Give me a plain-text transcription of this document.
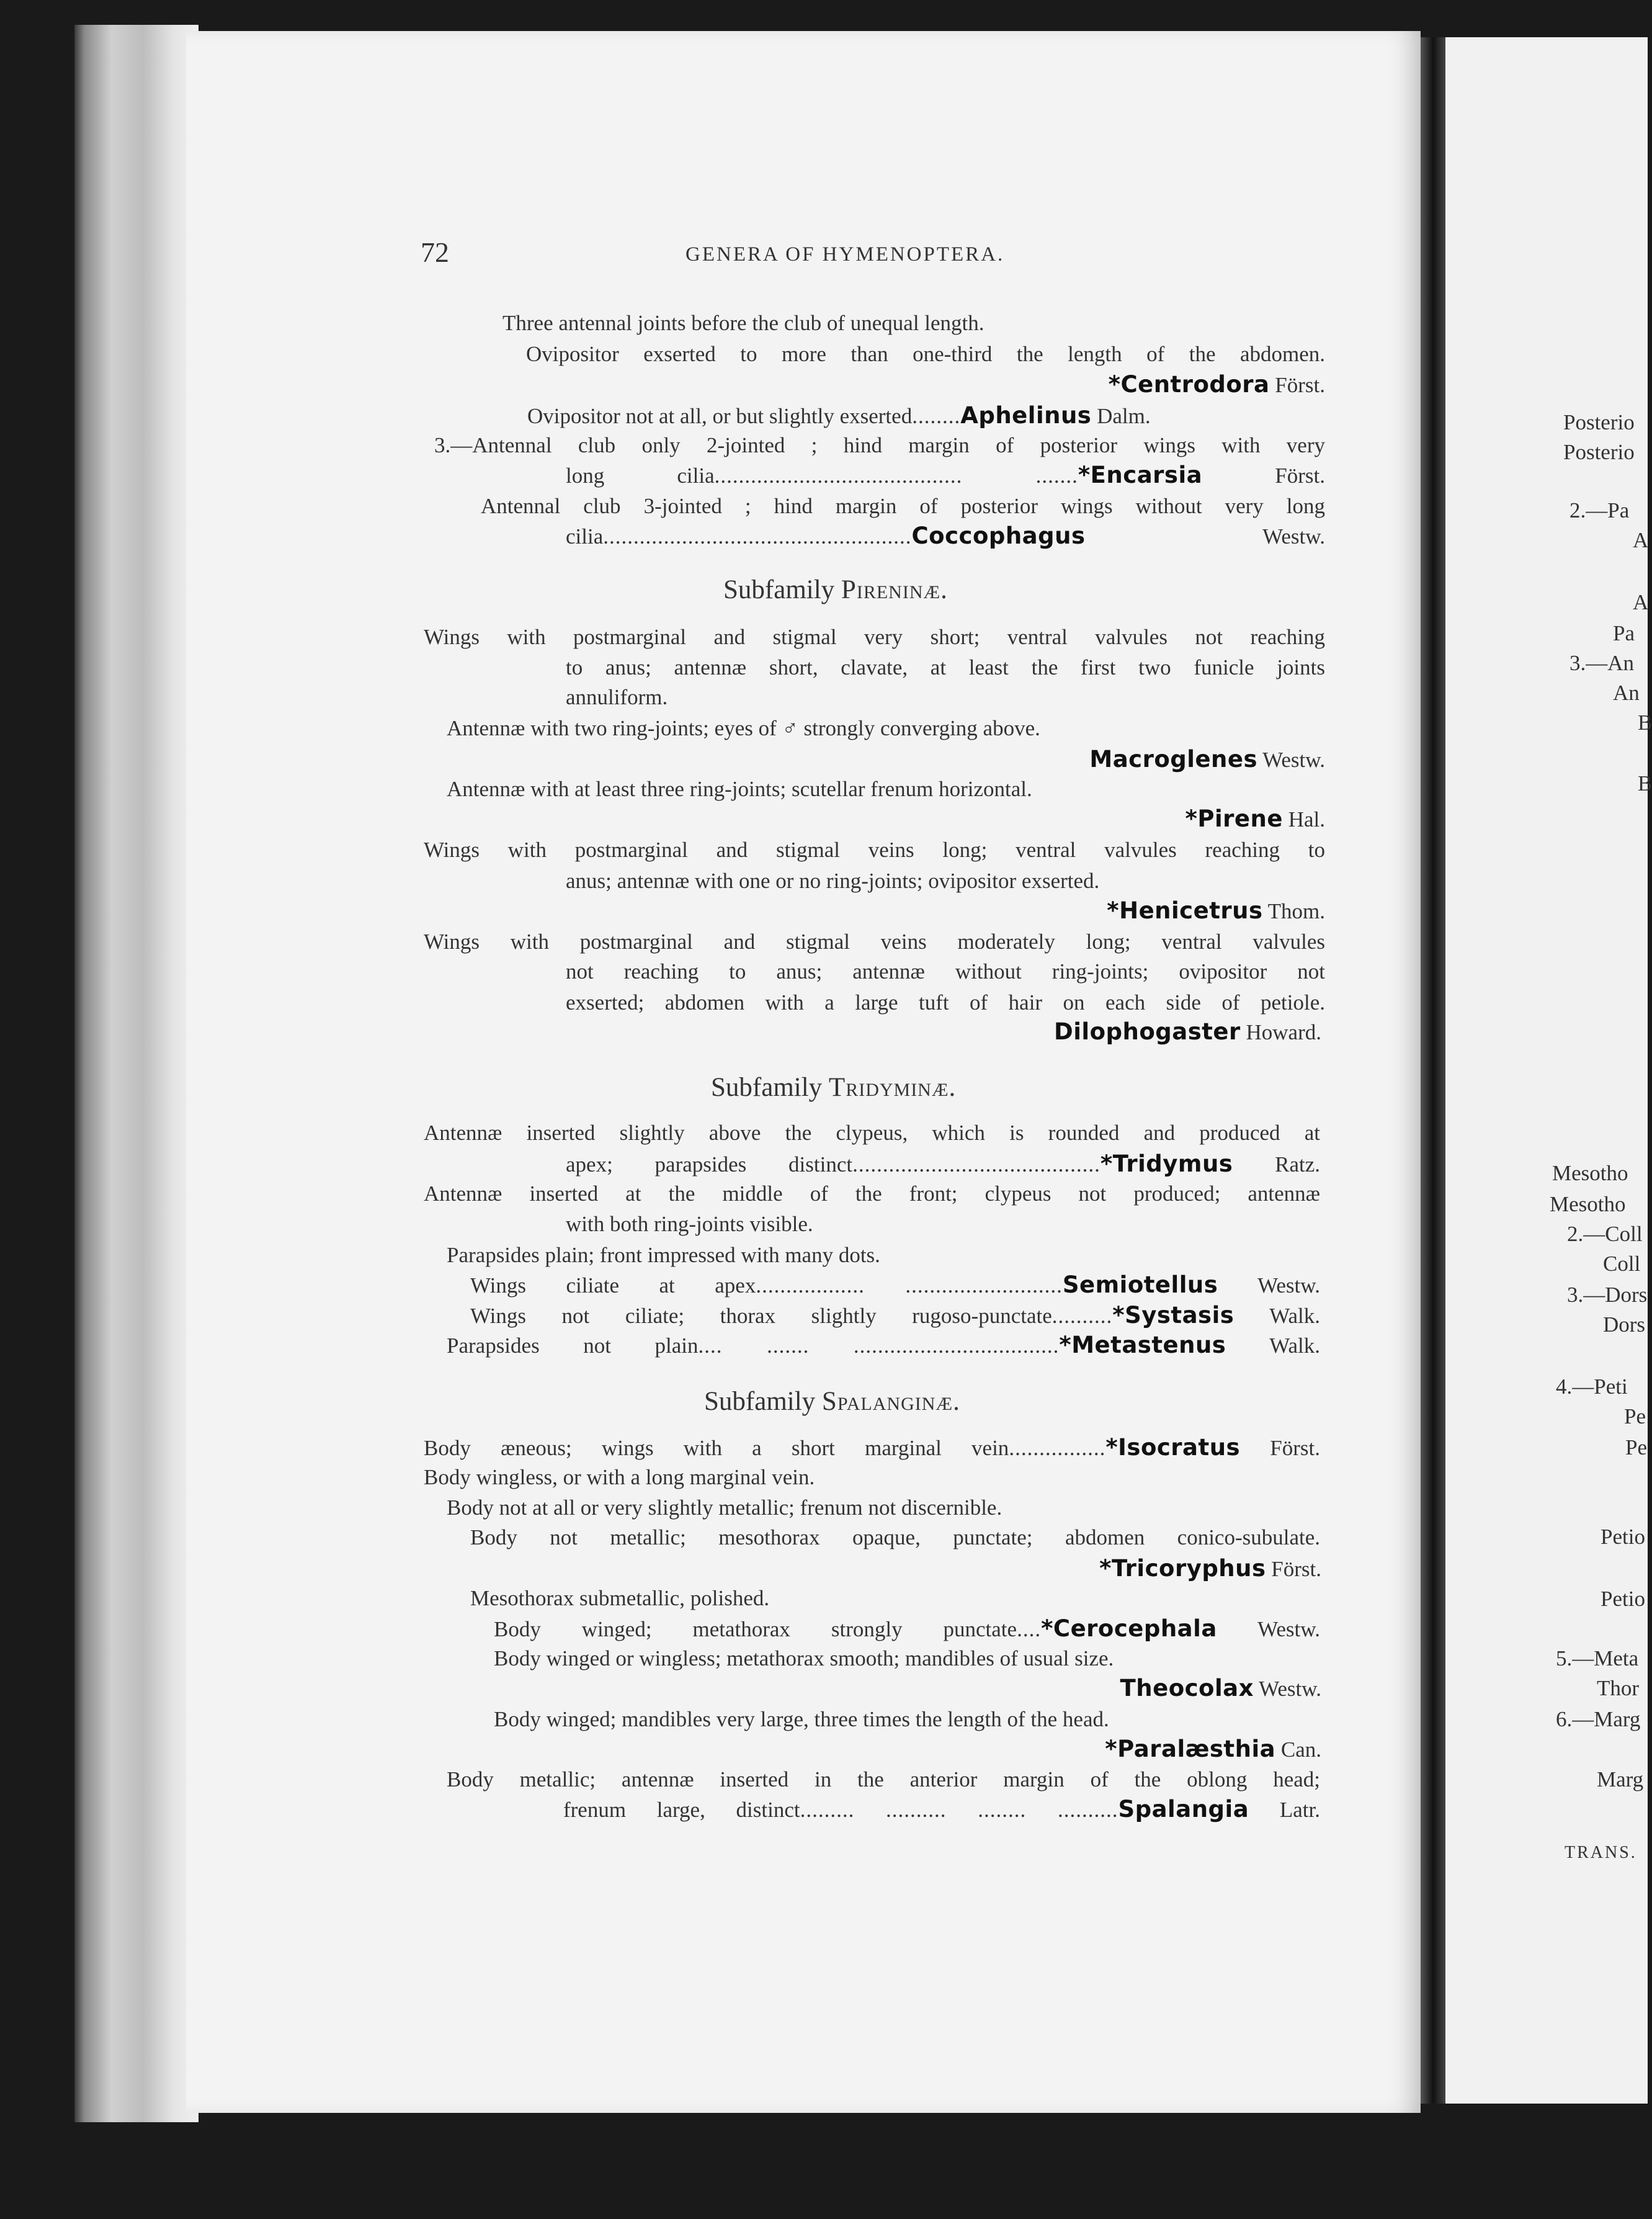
72	GENERA OF HYMENOPTERA.
Three antennal joints before the club of unequal length.
Ovipositor exserted to more than one-third the length of the abdomen.
*Centrodora Först.
Ovipositor not at all, or but slightly exserted........Aphelinus Dalm.
3.—Antennal club only 2-jointed ; hind margin of posterior wings with very
long cilia......................................... .......*Encarsia	Först.
Antennal club 3-jointed ; hind margin of posterior wings without very long
cilia...................................................Coccophagus	Westw.
Subfamily Pireninæ.
Wings with postmarginal and stigmal very short; ventral valvules not reaching
to anus; antennæ short, clavate, at least the first two funicle joints
annuliform.
Antennæ with two ring-joints; eyes of ♂ strongly converging above.
Macroglenes Westw.
Antennæ with at least three ring-joints; scutellar frenum horizontal.
*Pirene Hal.
Wings with postmarginal and stigmal veins long; ventral valvules reaching to
anus; antennæ with one or no ring-joints; ovipositor exserted.
*Henicetrus Thom.
Wings with postmarginal and stigmal veins moderately long; ventral valvules
not reaching to anus; antennæ without ring-joints; ovipositor not
exserted; abdomen with a large tuft of hair on each side of petiole.
Dilophogaster Howard.
Subfamily Tridyminæ.
Antennæ inserted slightly above the clypeus, which is rounded and produced at
apex; parapsides distinct.........................................*Tridymus Ratz.
Antennæ inserted at the middle of the front; clypeus not produced; antennæ
with both ring-joints visible.
Parapsides plain; front impressed with many dots.
Wings ciliate at apex.................. ..........................Semiotellus Westw.
Wings not ciliate; thorax slightly rugoso-punctate..........*Systasis Walk.
Parapsides not plain.... ....... ..................................*Metastenus Walk.
Subfamily Spalanginæ.
Body æneous; wings with a short marginal vein................*Isocratus Först.
Body wingless, or with a long marginal vein.
Body not at all or very slightly metallic; frenum not discernible.
Body not metallic; mesothorax opaque, punctate; abdomen conico-subulate.
*Tricoryphus Först.
Mesothorax submetallic, polished.
Body winged; metathorax strongly punctate....*Cerocephala Westw.
Body winged or wingless; metathorax smooth; mandibles of usual size.
Theocolax Westw.
Body winged; mandibles very large, three times the length of the head.
*Paralæsthia Can.
Body metallic; antennæ inserted in the anterior margin of the oblong head;
frenum large, distinct......... .......... ........ ..........Spalangia Latr.
Posterio
Posterio
2.—Pa
A
A
Pa
3.—An
An
B
B
Mesotho
Mesotho
2.—Coll
Coll
3.—Dors
Dors
4.—Peti
Pe
Pe
Petio
Petio
5.—Meta
Thor
6.—Marg
Marg
TRANS.
